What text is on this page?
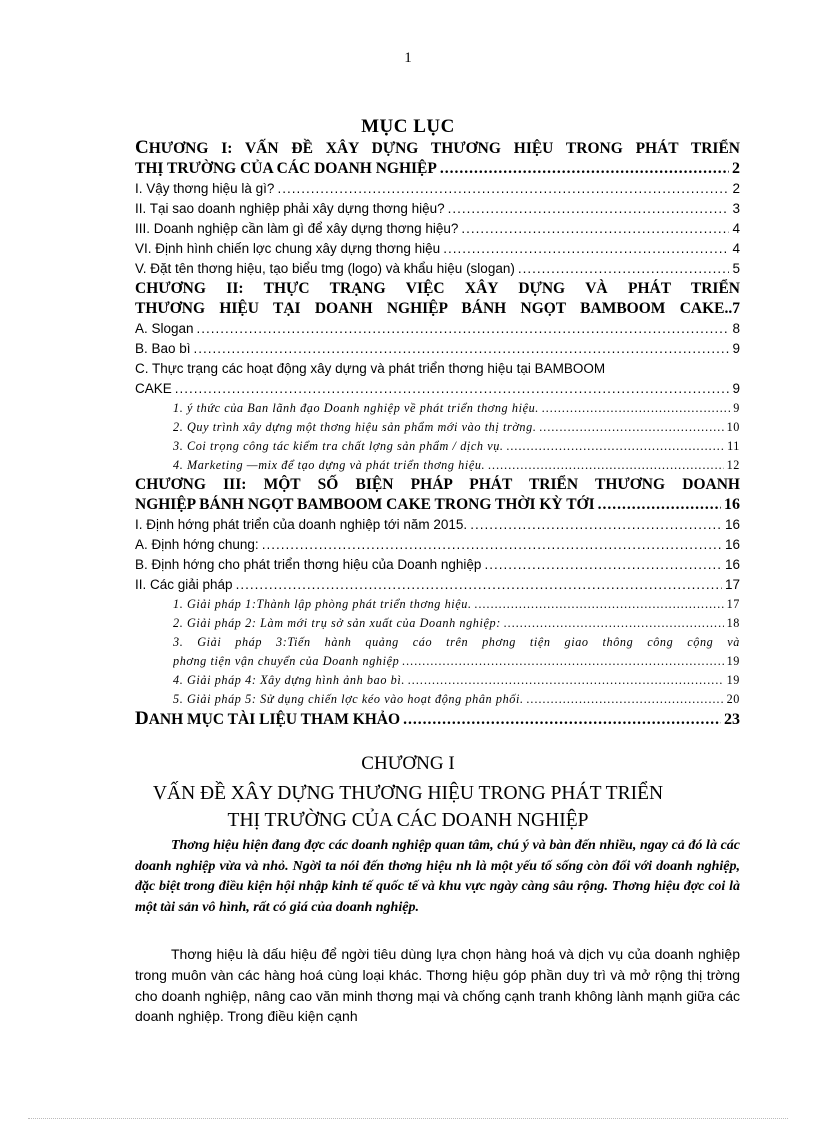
1
MỤC LỤC
CHƯƠNG I: VẤN ĐỀ XÂY DỰNG THƯƠNG HIỆU TRONG PHÁT TRIỂN
THỊ TRƯỜNG CỦA CÁC DOANH NGHIỆP .....	2
I. Vậy thơng hiệu là gì? .....	2
II. Tại sao doanh nghiệp phải xây dựng thơng hiệu? .....	3
III. Doanh nghiệp cần làm gì để xây dựng thơng hiệu? .....	4
VI. Định hình chiến lợc chung xây dựng thơng hiệu .....	4
V. Đặt tên thơng hiệu, tạo biểu tmg (logo) và khẩu hiệu (slogan) .....	5
CHƯƠNG II: THỰC TRẠNG VIỆC XÂY DỰNG VÀ PHÁT TRIỂN
THƯƠNG HIỆU TẠI DOANH NGHIỆP BÁNH NGỌT BAMBOOM CAKE..7
A. Slogan .....	8
B. Bao bì .....	9
C. Thực trạng các hoạt động xây dựng và phát triển thơng hiệu tại BAMBOOM
CAKE .....	9
1. ý thức của Ban lãnh đạo Doanh nghiệp về phát triển thơng hiệu. .....	9
2. Quy trình xây dựng một thơng hiệu sản phẩm mới vào thị trờng. .....	10
3. Coi trọng công tác kiểm tra chất lợng sản phẩm / dịch vụ. .....	11
4. Marketing —mix để tạo dựng và phát triển thơng hiệu. .....	12
CHƯƠNG III: MỘT SỐ BIỆN PHÁP PHÁT TRIỂN THƯƠNG DOANH
NGHIỆP BÁNH NGỌT BAMBOOM CAKE TRONG THỜI KỲ TỚI .....	16
I. Định hớng phát triển của doanh nghiệp tới năm 2015. .....	16
A. Định hớng chung: .....	16
B. Định hớng cho phát triển thơng hiệu của Doanh nghiệp .....	16
II. Các giải pháp .....	17
1. Giải pháp 1:Thành lập phòng phát triển thơng hiệu. .....	17
2. Giải pháp 2: Làm mới trụ sở sản xuất của Doanh nghiệp: .....	18
3. Giải pháp 3:Tiến hành quảng cáo trên phơng tiện giao thông công cộng và
phơng tiện vận chuyển của Doanh nghiệp .....	19
4. Giải pháp 4: Xây dựng hình ảnh bao bì. .....	19
5. Giải pháp 5: Sử dụng chiến lợc kéo vào hoạt động phân phối. .....	20
DANH MỤC TÀI LIỆU THAM KHẢO .....	23
CHƯƠNG I
VẤN ĐỀ XÂY DỰNG THƯƠNG HIỆU TRONG PHÁT TRIỂN
THỊ TRƯỜNG CỦA CÁC DOANH NGHIỆP

Thơng hiệu hiện đang đợc các doanh nghiệp quan tâm, chú ý và bàn đến nhiều, ngay cả đó là các doanh nghiệp vừa và nhỏ. Ngời ta nói đến thơng hiệu nh là một yếu tố sống còn đối với doanh nghiệp, đặc biệt trong điều kiện hội nhập kinh tế quốc tế và khu vực ngày càng sâu rộng. Thơng hiệu đợc coi là một tài sản vô hình, rất có giá của doanh nghiệp.

Thơng hiệu là dấu hiệu để ngời tiêu dùng lựa chọn hàng hoá và dịch vụ của doanh nghiệp trong muôn vàn các hàng hoá cùng loại khác. Thơng hiệu góp phần duy trì và mở rộng thị trờng cho doanh nghiệp, nâng cao văn minh thơng mại và chống cạnh tranh không lành mạnh giữa các doanh nghiệp. Trong điều kiện cạnh
